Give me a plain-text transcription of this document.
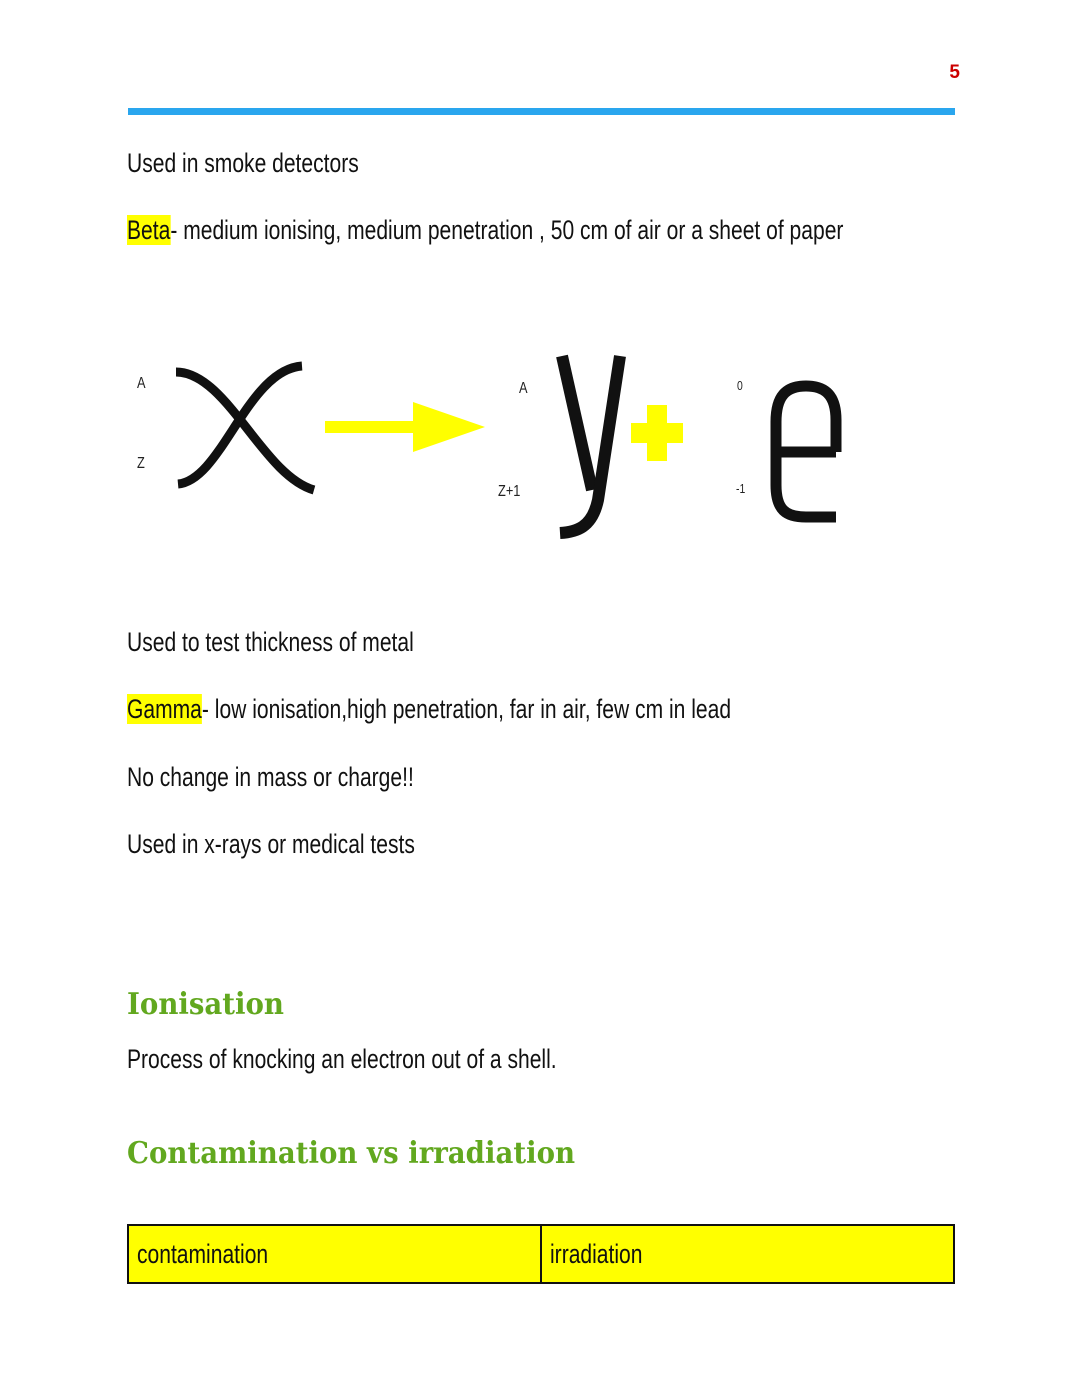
5
Used in smoke detectors
Beta- medium ionising, medium penetration , 50 cm of air or a sheet of paper
A
Z
A
Z+1
0
-1
Used to test thickness of metal
Gamma- low ionisation,high penetration, far in air, few cm in lead
No change in mass or charge!!
Used in x-rays or medical tests
Ionisation
Process of knocking an electron out of a shell.
Contamination vs irradiation
contamination	irradiation
